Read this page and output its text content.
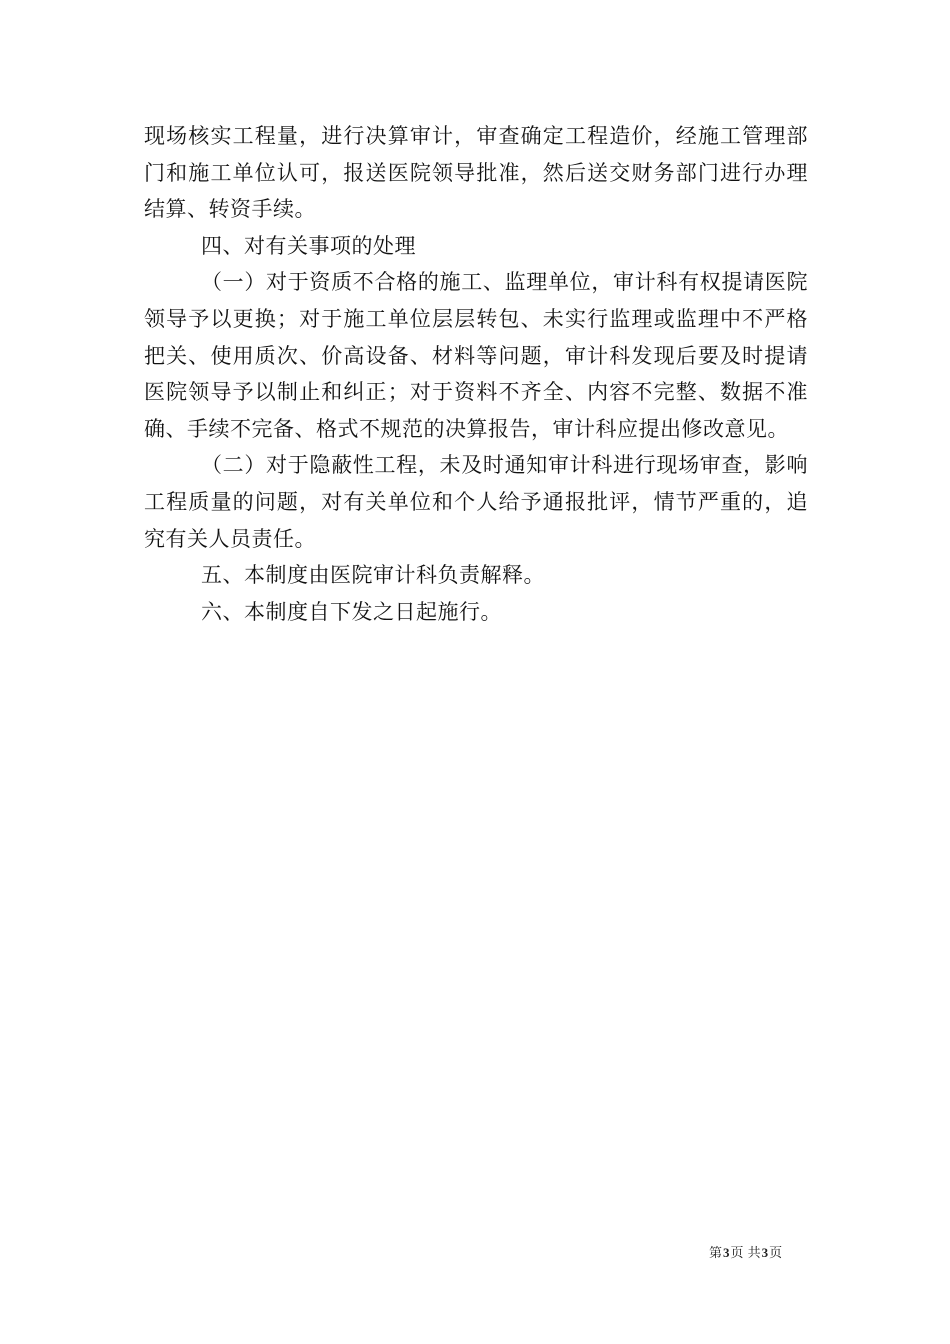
现场核实工程量，进行决算审计，审查确定工程造价，经施工管理部门和施工单位认可，报送医院领导批准，然后送交财务部门进行办理结算、转资手续。

四、对有关事项的处理

（一）对于资质不合格的施工、监理单位，审计科有权提请医院领导予以更换；对于施工单位层层转包、未实行监理或监理中不严格把关、使用质次、价高设备、材料等问题，审计科发现后要及时提请医院领导予以制止和纠正；对于资料不齐全、内容不完整、数据不准确、手续不完备、格式不规范的决算报告，审计科应提出修改意见。

（二）对于隐蔽性工程，未及时通知审计科进行现场审查，影响工程质量的问题，对有关单位和个人给予通报批评，情节严重的，追究有关人员责任。

五、本制度由医院审计科负责解释。

六、本制度自下发之日起施行。

第3页 共3页
